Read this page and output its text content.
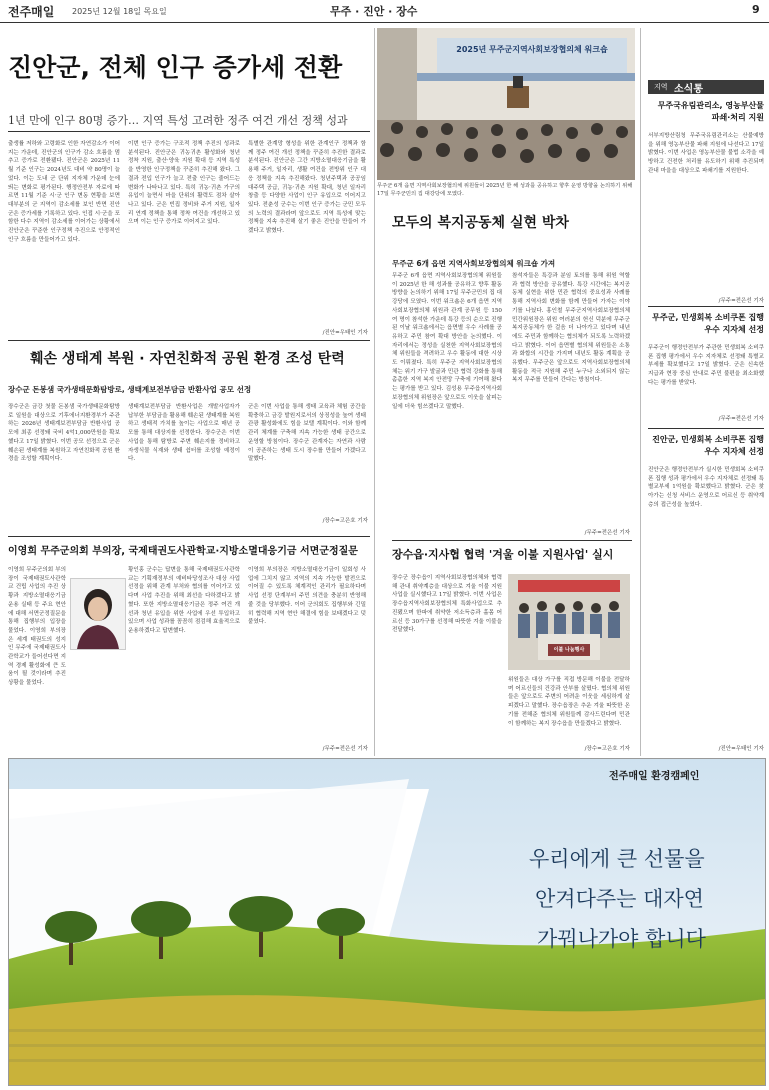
전주매일 2025년 12월 18일 목요일	무주 · 진안 · 장수	9
진안군, 전체 인구 증가세 전환
1년 만에 인구 80명 증가… 지역 특성 고려한 정주 여건 개선 정책 성과
출생률 저하와 고령화로 인한 자연감소가 이어지는 가운데, 진안군의 인구가 감소 흐름을 멈추고 증가로 전환됐다. 진안군은 2025년 11월 기준 인구는 2024년도 대비 약 80명이 늘었다. 이는 도내 군 단위 지자체 가운데 눈에 띄는 변화로 평가된다. 행정안전부 자료에 따르면 11월 기준 시·군 인구 변동 현황을 보면 대부분의 군 지역이 감소세를 보인 반면 진안군은 증가세를 기록하고 있다. 인접 시·군을 포함한 다수 지역이 감소세를 이어가는 상황에서 진안군은 꾸준한 인구정책 추진으로 안정적인 인구 흐름을 만들어가고 있다.
이번 인구 증가는 구조적 정책 추진의 성과로 분석된다. 진안군은 귀농귀촌 활성화와 청년 정착 지원, 출산·양육 지원 확대 등 지역 특성을 반영한 인구정책을 꾸준히 추진해 왔다. 그 결과 전입 인구가 늘고 전출 인구는 줄어드는 변화가 나타나고 있다. 특히 귀농·귀촌 가구의 유입이 늘면서 마을 단위의 활력도 점차 살아나고 있다. 군은 빈집 정비와 주거 지원, 일자리 연계 정책을 통해 정착 여건을 개선하고 있으며 이는 인구 증가로 이어지고 있다.
특별한 관계망 형성을 위한 관계인구 정책과 함께 정주 여건 개선 정책을 꾸준히 추진한 결과로 분석된다. 진안군은 그간 지방소멸대응기금을 활용해 주거, 일자리, 생활 여건을 전방위 인구 대응 정책을 지속 추진해왔다. 청년주택과 공공임대주택 공급, 귀농·귀촌 지원 확대, 청년 일자리 창출 등 다양한 사업이 인구 유입으로 이어지고 있다. 전춘성 군수는 이번 인구 증가는 군민 모두의 노력의 결과라며 앞으로도 지역 특성에 맞는 정책을 지속 추진해 살기 좋은 진안을 만들어 가겠다고 밝혔다.
/진안=우태인 기자
2025년 무주군지역사회보장협의체 워크숍
무주군 6개 읍면 지역사회보장협의체 위원들이 2025년 한 해 성과를 공유하고 향후 운영 방향을 논의하기 위해 17일 무주군민의 집 대강당에 모였다.
모두의 복지공동체 실현 박차
무주군 6개 읍면 지역사회보장협의체 워크숍 가져
무주군 6개 읍면 지역사회보장협의체 위원들이 2025년 한 해 성과를 공유하고 향후 활동 방향을 논의하기 위해 17일 무주군민의 집 대강당에 모였다. 이번 워크숍은 6개 읍면 지역사회보장협의체 위원과 관계 공무원 등 150여 명이 참석한 가운데 특강 등의 순으로 진행된 이날 워크숍에서는 읍면별 우수 사례를 공유하고 주민 참여 확대 방안을 논의했다. 이 자리에서는 정성을 실천한 지역사회보장협의체 위원들을 격려하고 우수 활동에 대한 시상도 이뤄졌다. 특히 무주군 지역사회보장협의체는 위기 가구 발굴과 민관 협력 강화를 통해 촘촘한 지역 복지 안전망 구축에 기여해 왔다는 평가를 받고 있다. 김성용 무주읍지역사회보장협의체 위원장은 앞으로도 이웃을 살피는 일에 더욱 힘쓰겠다고 말했다.
참석자들은 특강과 분임 토의를 통해 위원 역할과 협력 방안을 공유했다. 특강 시간에는 복지공동체 실현을 위한 민관 협력의 중요성과 사례를 통해 지역사회 변화를 함께 만들어 가자는 이야기를 나눴다. 홍인철 무주군지역사회보장협의체 민간위원장은 위원 여러분의 헌신 덕분에 무주군 복지공동체가 한 걸음 더 나아가고 있다며 내년에도 주민과 함께하는 협의체가 되도록 노력하겠다고 밝혔다. 이어 읍면별 협의체 위원들은 소통과 화합의 시간을 가지며 내년도 활동 계획을 공유했다. 무주군은 앞으로도 지역사회보장협의체 활동을 적극 지원해 주민 누구나 소외되지 않는 복지 무주를 만들어 간다는 방침이다.
/무주=전은선 기자
훼손 생태계 복원 · 자연친화적 공원 환경 조성 탄력
장수군 돈봉샘 국가생태문화탐방로, 생태계보전부담금 반환사업 공모 선정
장수군은 금강 첫물 돈봉샘 국가생태문화탐방로 일원을 대상으로 기후에너지환경부가 주관하는 2026년 생태계보전부담금 반환사업 공모에 최종 선정돼 국비 4억1,000만원을 확보했다고 17일 밝혔다. 이번 공모 선정으로 군은 훼손된 생태계를 복원하고 자연친화적 공원 환경을 조성할 계획이다.
생태계보전부담금 반환사업은 개발사업자가 납부한 부담금을 활용해 훼손된 생태계를 복원하고 생태적 가치를 높이는 사업으로 매년 공모를 통해 대상지를 선정한다. 장수군은 이번 사업을 통해 탐방로 주변 훼손지를 정비하고 자생식물 식재와 생태 쉼터를 조성할 예정이다.
군은 이번 사업을 통해 생태 교육과 체험 공간을 확충하고 금강 발원지로서의 상징성을 높여 생태관광 활성화에도 힘을 보탤 계획이다. 이와 함께 관리 체계를 구축해 지속 가능한 생태 공간으로 운영할 방침이다. 장수군 관계자는 자연과 사람이 공존하는 생태 도시 장수를 만들어 가겠다고 말했다.
/장수=고은호 기자
이영희 무주군의회 부의장, 국제태권도사관학교·지방소멸대응기금 서면군정질문
이영희 무주군의회 부의장이 국제태권도사관학교 건립 사업의 추진 상황과 지방소멸대응기금 운용 실태 등 주요 현안에 대해 서면군정질문을 통해 집행부의 입장을 물었다. 이영희 부의장은 세계 태권도의 성지인 무주에 국제태권도사관학교가 들어선다면 지역 경제 활성화에 큰 도움이 될 것이라며 추진 상황을 물었다.
황인홍 군수는 답변을 통해 국제태권도사관학교는 기획재정부의 예비타당성조사 대상 사업 선정을 위해 관계 부처와 협의를 이어가고 있다며 사업 추진을 위해 최선을 다하겠다고 밝혔다. 또한 지방소멸대응기금은 정주 여건 개선과 청년 유입을 위한 사업에 우선 투입하고 있으며 사업 성과를 꼼꼼히 점검해 효율적으로 운용하겠다고 답변했다.
이영희 부의장은 지방소멸대응기금이 일회성 사업에 그치지 않고 지역의 지속 가능한 발전으로 이어질 수 있도록 체계적인 관리가 필요하다며 사업 선정 단계부터 주민 의견을 충분히 반영해 줄 것을 당부했다. 이어 군의회도 집행부와 긴밀히 협력해 지역 현안 해결에 힘을 보태겠다고 덧붙였다.
/무주=전은선 기자
장수읍·지사협 협력 '겨울 이불 지원사업' 실시
장수군 장수읍이 지역사회보장협의체와 협력해 관내 취약계층을 대상으로 겨울 이불 지원사업을 실시했다고 17일 밝혔다. 이번 사업은 장수읍지역사회보장협의체 특화사업으로 추진됐으며 한파에 취약한 저소득층과 홀몸 어르신 등 30가구를 선정해 따뜻한 겨울 이불을 전달했다.
이불 나눔행사
위원들은 대상 가구를 직접 방문해 이불을 전달하며 어르신들의 건강과 안부를 살폈다. 협의체 위원들은 앞으로도 주변의 어려운 이웃을 세심하게 살피겠다고 말했다. 장수읍장은 추운 겨울 따뜻한 온기를 전해준 협의체 위원들께 감사드린다며 민관이 함께하는 복지 장수읍을 만들겠다고 밝혔다.
/장수=고은호 기자
지역 소식통
무주국유림관리소, 영농부산물 파쇄·처리 지원
서부지방산림청 무주국유림관리소는 산불예방을 위해 영농부산물 파쇄 지원에 나선다고 17일 밝혔다. 이번 사업은 영농부산물 불법 소각을 예방하고 건전한 처리를 유도하기 위해 추진되며 관내 마을을 대상으로 파쇄기를 지원한다.
/무주=전은선 기자
무주군, 민생회복 소비쿠폰 집행 우수 지자체 선정
무주군이 행정안전부가 주관한 민생회복 소비쿠폰 집행 평가에서 우수 지자체로 선정돼 특별교부세를 확보했다고 17일 밝혔다. 군은 신속한 지급과 현장 중심 안내로 주민 불편을 최소화했다는 평가를 받았다.
/무주=전은선 기자
진안군, 민생회복 소비쿠폰 집행 우수 지자체 선정
진안군은 행정안전부가 실시한 민생회복 소비쿠폰 집행 성과 평가에서 우수 지자체로 선정돼 특별교부세 1억원을 확보했다고 밝혔다. 군은 찾아가는 신청 서비스 운영으로 어르신 등 취약계층의 접근성을 높였다.
/진안=우태인 기자
전주매일 환경캠페인
우리에게 큰 선물을
안겨다주는 대자연
가꿔나가야 합니다
